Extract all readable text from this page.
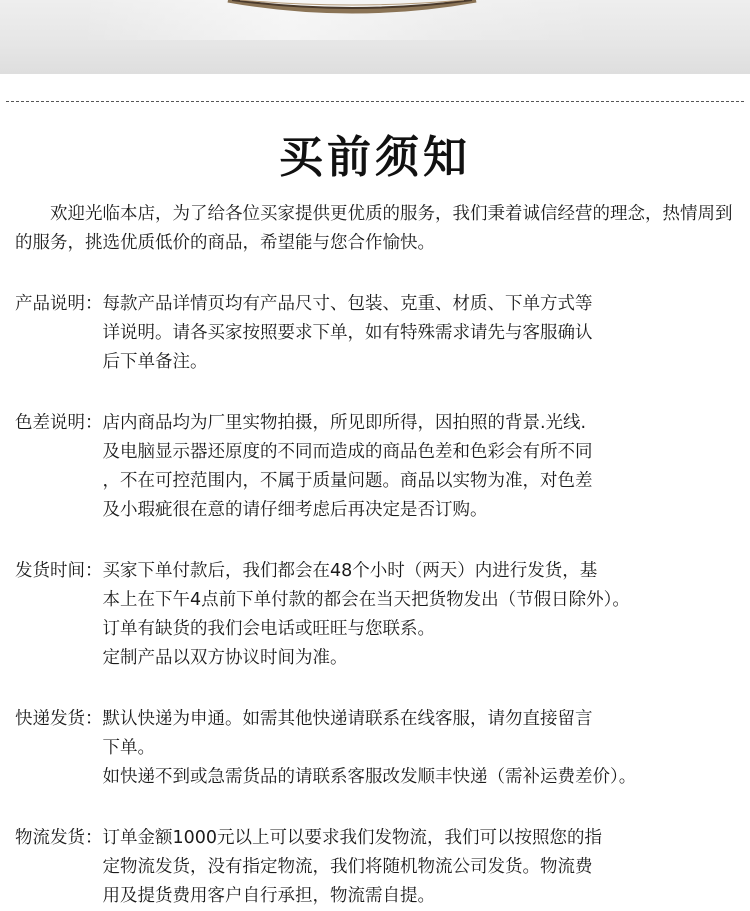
买前须知

欢迎光临本店，为了给各位买家提供更优质的服务，我们秉着诚信经营的理念，热情周到的服务，挑选优质低价的商品，希望能与您合作愉快。

产品说明： 每款产品详情页均有产品尺寸、包装、克重、材质、下单方式等
详说明。请各买家按照要求下单，如有特殊需求请先与客服确认
后下单备注。
色差说明： 店内商品均为厂里实物拍摄，所见即所得，因拍照的背景.光线.
及电脑显示器还原度的不同而造成的商品色差和色彩会有所不同
，不在可控范围内，不属于质量问题。商品以实物为准，对色差
及小瑕疵很在意的请仔细考虑后再决定是否订购。
发货时间： 买家下单付款后，我们都会在48个小时（两天）内进行发货，基
本上在下午4点前下单付款的都会在当天把货物发出（节假日除外）。
订单有缺货的我们会电话或旺旺与您联系。
定制产品以双方协议时间为准。
快递发货： 默认快递为申通。如需其他快递请联系在线客服，请勿直接留言
下单。
如快递不到或急需货品的请联系客服改发顺丰快递（需补运费差价）。
物流发货： 订单金额1000元以上可以要求我们发物流，我们可以按照您的指
定物流发货，没有指定物流，我们将随机物流公司发货。物流费
用及提货费用客户自行承担，物流需自提。
